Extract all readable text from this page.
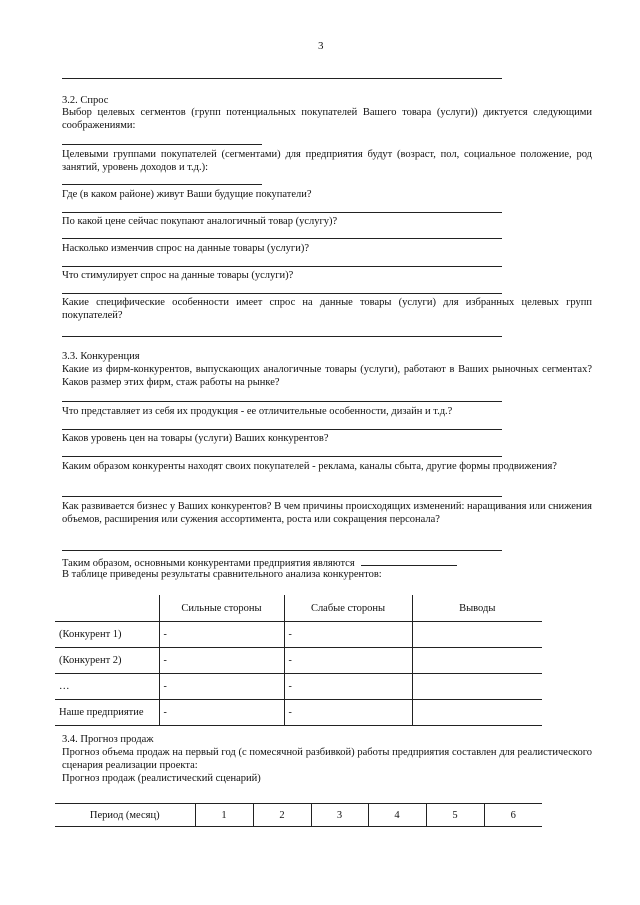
3
3.2. Спрос
Выбор целевых сегментов (групп потенциальных покупателей Вашего товара (услуги)) диктуется следующими соображениями:
Целевыми группами покупателей (сегментами) для предприятия будут (возраст, пол, социальное положение, род занятий, уровень доходов и т.д.):
Где (в каком районе) живут Ваши будущие покупатели?
По какой цене сейчас покупают аналогичный товар (услугу)?
Насколько изменчив спрос на данные товары (услуги)?
Что стимулирует спрос на данные товары (услуги)?
Какие специфические особенности имеет спрос на данные товары (услуги) для избранных целевых групп покупателей?
3.3. Конкуренция
Какие из фирм-конкурентов, выпускающих аналогичные товары (услуги), работают в Ваших рыночных сегментах? Каков размер этих фирм, стаж работы на рынке?
Что представляет из себя их продукция - ее отличительные особенности, дизайн и т.д.?
Каков уровень цен на товары (услуги) Ваших конкурентов?
Каким образом конкуренты находят своих покупателей - реклама, каналы сбыта, другие формы продвижения?
Как развивается бизнес у Ваших конкурентов? В чем причины происходящих изменений: наращивания или снижения объемов, расширения или сужения ассортимента, роста или сокращения персонала?
Таким образом, основными конкурентами предприятия являются
В таблице приведены результаты сравнительного анализа конкурентов:
	Сильные стороны	Слабые стороны	Выводы
(Конкурент 1)	-	-	
(Конкурент 2)	-	-	
…	-	-	
Наше предприятие	-	-	
3.4. Прогноз продаж
Прогноз объема продаж на первый год (с помесячной разбивкой) работы предприятия составлен для реалистического сценария реализации проекта:
Прогноз продаж (реалистический сценарий)
Период (месяц)	1	2	3	4	5	6
